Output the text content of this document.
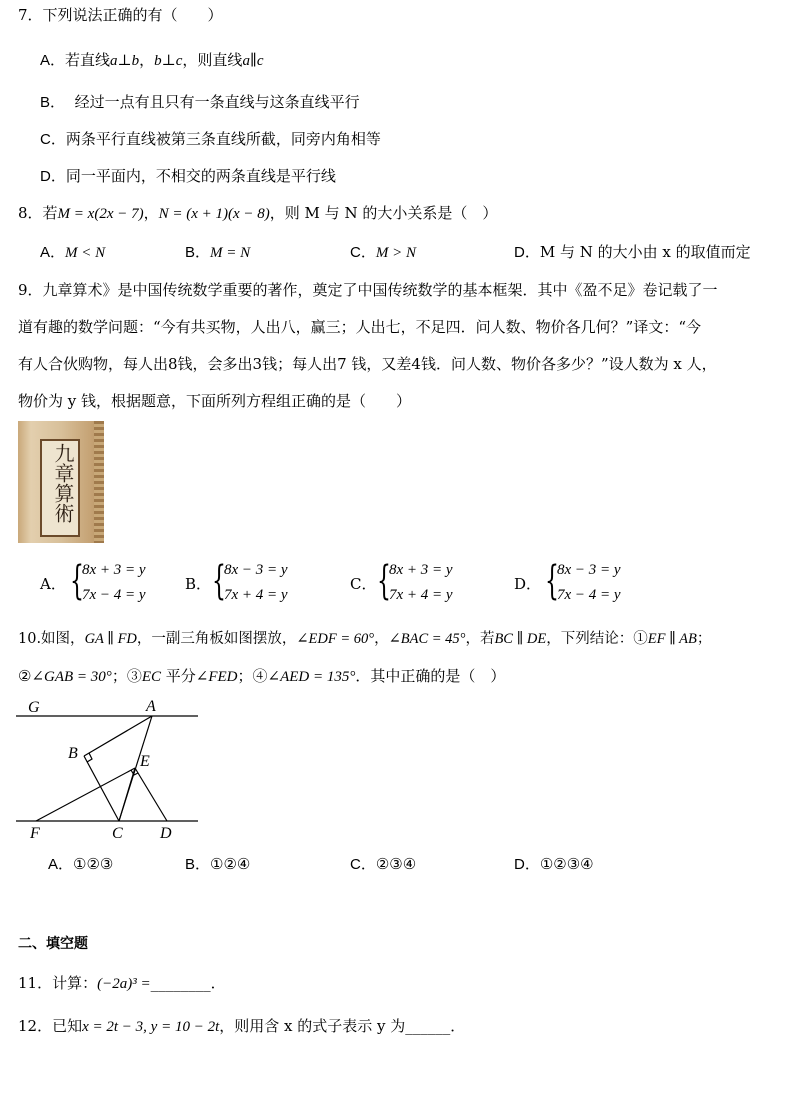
7．下列说法正确的有（　　）
A．若直线a⊥b，b⊥c，则直线a∥c
B． 经过一点有且只有一条直线与这条直线平行
C．两条平行直线被第三条直线所截，同旁内角相等
D．同一平面内，不相交的两条直线是平行线
8．若M = x(2x − 7)，N = (x + 1)(x − 8)，则 M 与 N 的大小关系是（　）
A．M < N	B．M = N	C．M > N	D．M 与 N 的大小由 x 的取值而定
9．九章算术》是中国传统数学重要的著作，奠定了中国传统数学的基本框架．其中《盈不足》卷记载了一
道有趣的数学问题：“今有共买物，人出八，赢三；人出七，不足四．问人数、物价各几何？”译文：“今
有人合伙购物，每人出8钱，会多出3钱；每人出7 钱，又差4钱．问人数、物价各多少？”设人数为 x 人，
物价为 y 钱，根据题意，下面所列方程组正确的是（　　）
九章算術
A． {
8x + 3 = y
7x − 4 = y
B． {
8x − 3 = y
7x + 4 = y
C． {
8x + 3 = y
7x + 4 = y
D． {
8x − 3 = y
7x − 4 = y
10.如图，GA ∥ FD，一副三角板如图摆放，∠EDF = 60°，∠BAC = 45°，若BC ∥ DE，下列结论：①EF ∥ AB；
②∠GAB = 30°；③EC 平分∠FED；④∠AED = 135°．其中正确的是（　）
G	A
B	E
F	C D
A．①②③	B．①②④	C．②③④	D．①②③④
二、填空题
11．计算：(−2a)³ =________．
12．已知x = 2t − 3, y = 10 − 2t，则用含 x 的式子表示 y 为______．
